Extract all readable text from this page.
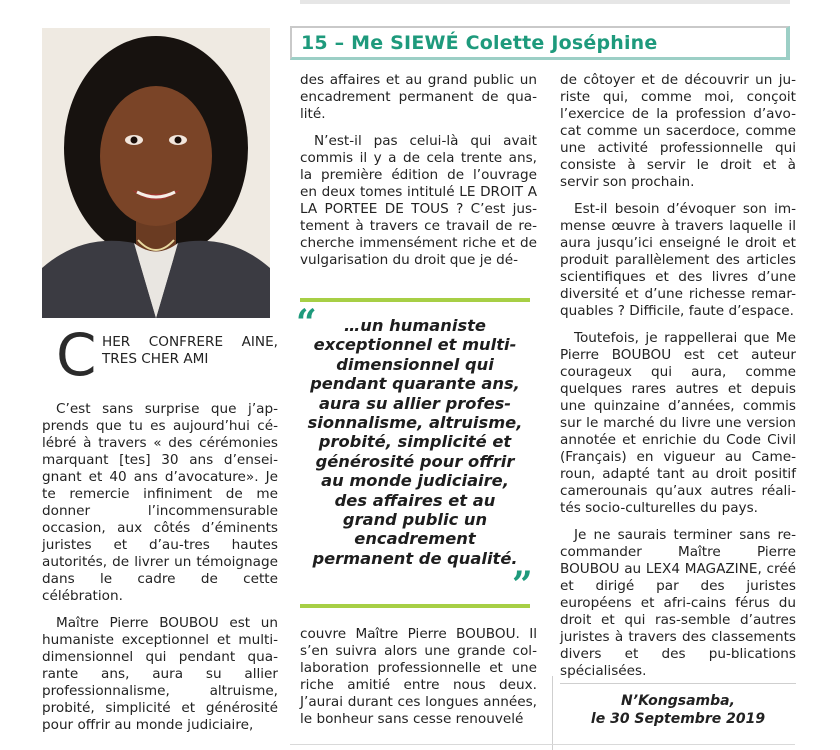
15 – Me SIEWÉ Colette Joséphine
C HER CONFRERE AINE,
TRES CHER AMI

C’est sans surprise que j’ap-prends que tu es aujourd’hui cé-lébré à travers « des cérémonies marquant [tes] 30 ans d’ensei-gnant et 40 ans d’avocature». Je te remercie infiniment de me donner l’incommensurable occasion, aux côtés d’éminents juristes et d’au-tres hautes autorités, de livrer un témoignage dans le cadre de cette célébration.

Maître Pierre BOUBOU est un humaniste exceptionnel et multi-dimensionnel qui pendant qua-rante ans, aura su allier professionnalisme, altruisme, probité, simplicité et générosité pour offrir au monde judiciaire,

des affaires et au grand public un encadrement permanent de qua-lité.

N’est-il pas celui-là qui avait commis il y a de cela trente ans, la première édition de l’ouvrage en deux tomes intitulé LE DROIT A LA PORTEE DE TOUS ? C’est jus-tement à travers ce travail de re-cherche immensément riche et de vulgarisation du droit que je dé-

“	…un humaniste exceptionnel et multi-dimensionnel qui pendant quarante ans, aura su allier profes-sionnalisme, altruisme, probité, simplicité et générosité pour offrir au monde judiciaire, des affaires et au grand public un encadrement permanent de qualité.
”

couvre Maître Pierre BOUBOU. Il s’en suivra alors une grande col-laboration professionnelle et une riche amitié entre nous deux. J’aurai durant ces longues années, le bonheur sans cesse renouvelé

de côtoyer et de découvrir un ju-riste qui, comme moi, conçoit l’exercice de la profession d’avo-cat comme un sacerdoce, comme une activité professionnelle qui consiste à servir le droit et à servir son prochain.

Est-il besoin d’évoquer son im-mense œuvre à travers laquelle il aura jusqu’ici enseigné le droit et produit parallèlement des articles scientifiques et des livres d’une diversité et d’une richesse remar-quables ? Difficile, faute d’espace.

Toutefois, je rappellerai que Me Pierre BOUBOU est cet auteur courageux qui aura, comme quelques rares autres et depuis une quinzaine d’années, commis sur le marché du livre une version annotée et enrichie du Code Civil (Français) en vigueur au Came-roun, adapté tant au droit positif camerounais qu’aux autres réali-tés socio-culturelles du pays.

Je ne saurais terminer sans re-commander Maître Pierre BOUBOU au LEX4 MAGAZINE, créé et dirigé par des juristes européens et afri-cains férus du droit et qui ras-semble d’autres juristes à travers des classements divers et des pu-blications spécialisées.

N’Kongsamba,
le 30 Septembre 2019
